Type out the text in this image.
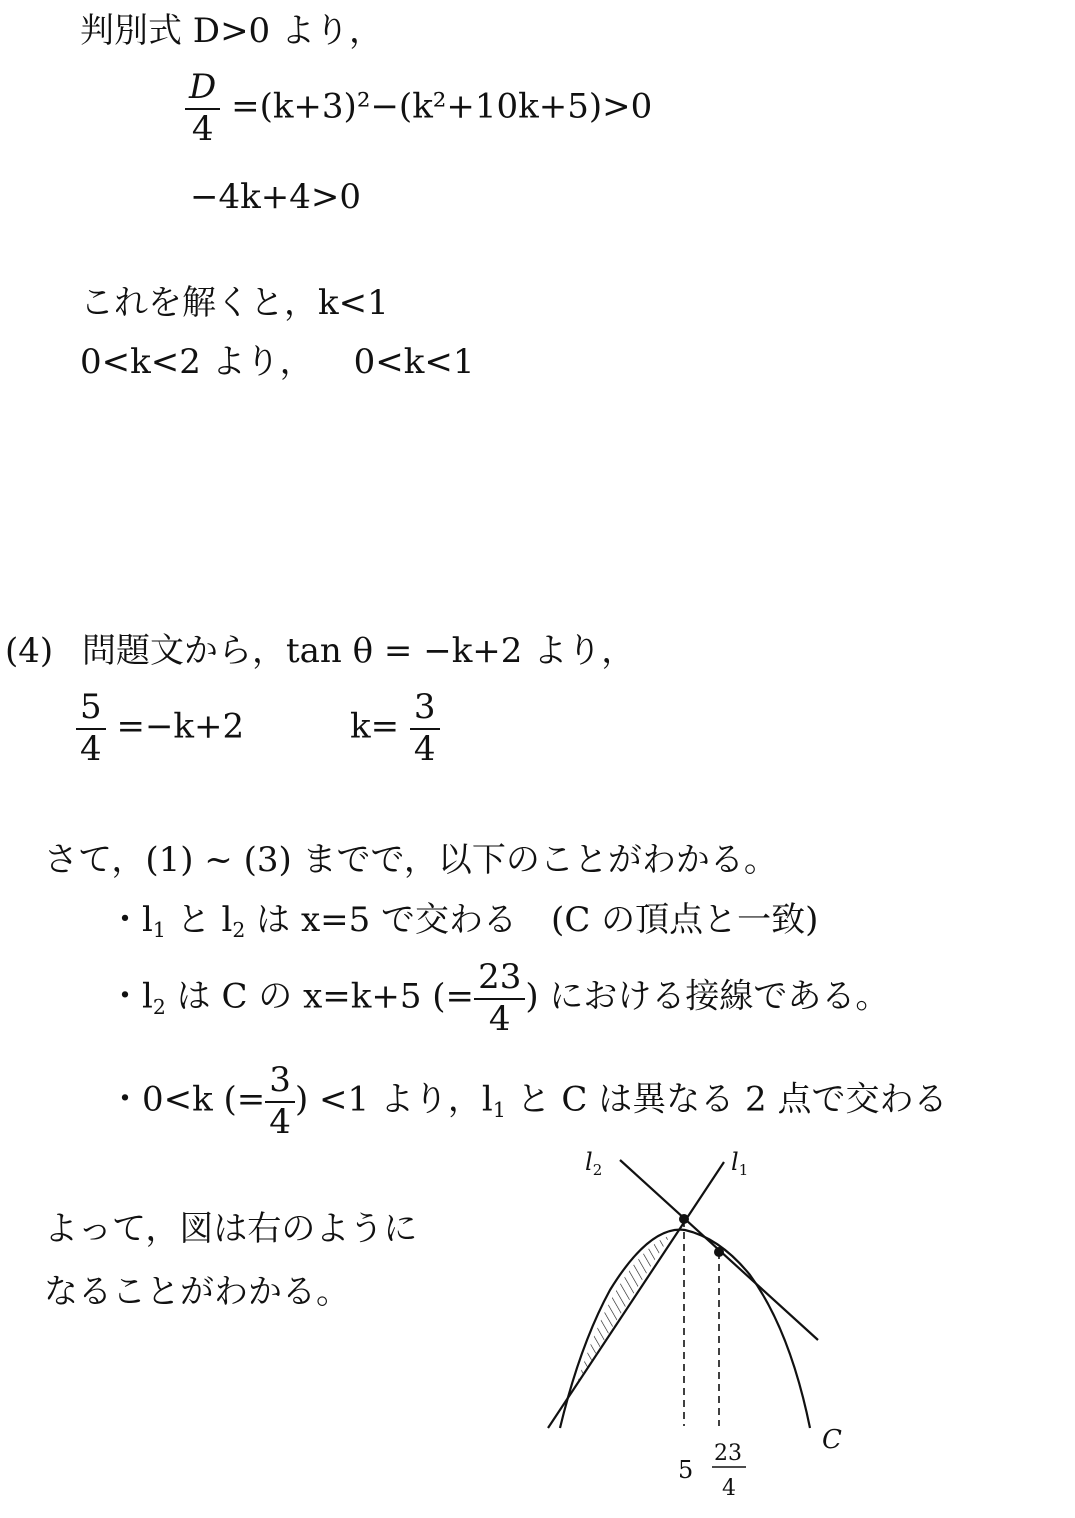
判別式 D>0 より，
$\frac{D}{4} =(k+3)^2-(k^2+10k+5)>0$
−4k+4>0
これを解くと，k<1
0<k<2 より， 0<k<1
(4) 問題文から，tan θ = −k+2 より，
$\frac{5}{4} =-k+2$	$k= \frac{3}{4}$
さて，(1) ~ (3) までで，以下のことがわかる。
・$l_1$ と $l_2$ は x=5 で交わる　(C の頂点と一致)
・$l_2$ は C の x=k+5 (= $\frac{23}{4}$ ) における接線である。
・0<k (= $\frac{3}{4}$ ) <1 より，$l_1$ と C は異なる 2 点で交わる
よって，図は右のように
なることがわかる。
$l_2$	$l_1$
C
5
23
4
